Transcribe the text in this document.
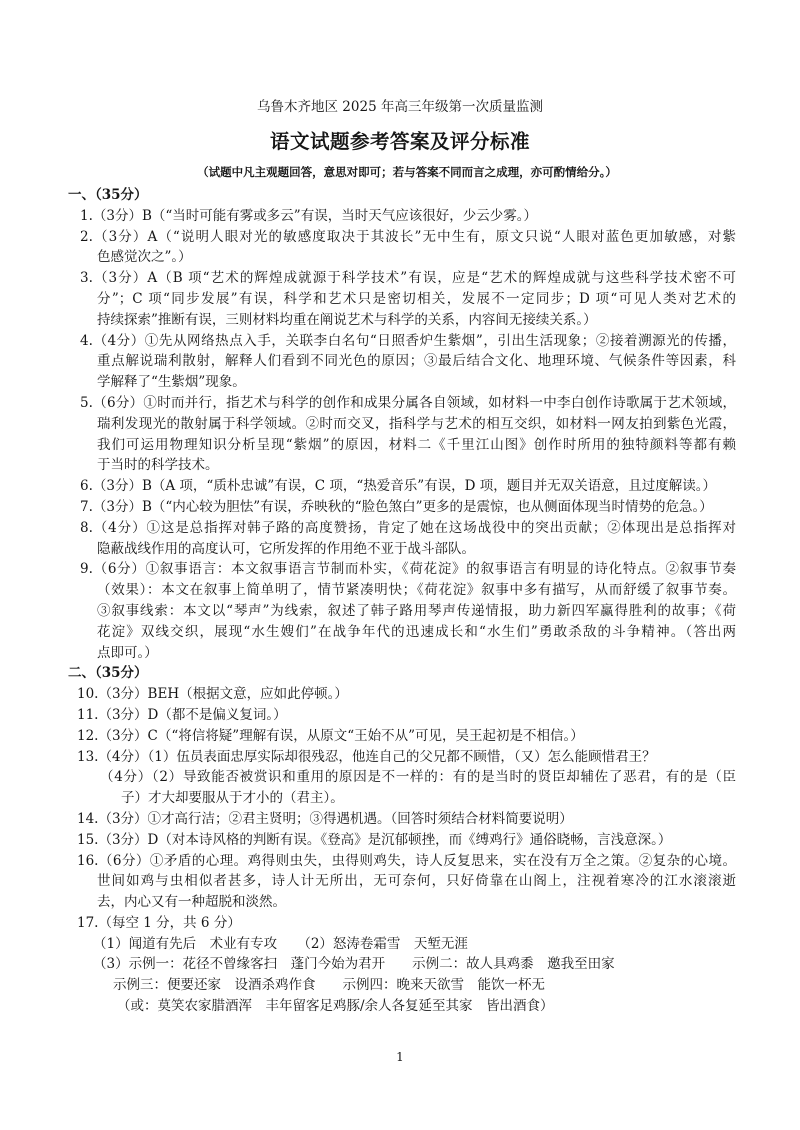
乌鲁木齐地区 2025 年高三年级第一次质量监测
语文试题参考答案及评分标准
（试题中凡主观题回答，意思对即可；若与答案不同而言之成理，亦可酌情给分。）
一、（35分）
1.（3分）B（“当时可能有雾或多云”有误，当时天气应该很好，少云少雾。）
2.（3分）A（“说明人眼对光的敏感度取决于其波长”无中生有，原文只说“人眼对蓝色更加敏感，对紫
色感觉次之”。）
3.（3分）A（B 项“艺术的辉煌成就源于科学技术”有误，应是“艺术的辉煌成就与这些科学技术密不可
分”；C 项“同步发展”有误，科学和艺术只是密切相关，发展不一定同步；D 项“可见人类对艺术的
持续探索”推断有误，三则材料均重在阐说艺术与科学的关系，内容间无接续关系。）
4.（4分）①先从网络热点入手，关联李白名句“日照香炉生紫烟”，引出生活现象；②接着溯源光的传播，
重点解说瑞利散射，解释人们看到不同光色的原因；③最后结合文化、地理环境、气候条件等因素，科
学解释了“生紫烟”现象。
5.（6分）①时而并行，指艺术与科学的创作和成果分属各自领域，如材料一中李白创作诗歌属于艺术领域，
瑞利发现光的散射属于科学领域。②时而交叉，指科学与艺术的相互交织，如材料一网友拍到紫色光霞，
我们可运用物理知识分析呈现“紫烟”的原因，材料二《千里江山图》创作时所用的独特颜料等都有赖
于当时的科学技术。
6.（3分）B（A 项，“质朴忠诚”有误，C 项，“热爱音乐”有误，D 项，题目并无双关语意，且过度解读。）
7.（3分）B（“内心较为胆怯”有误，乔映秋的“脸色煞白”更多的是震惊，也从侧面体现当时情势的危急。）
8.（4分）①这是总指挥对韩子路的高度赞扬，肯定了她在这场战役中的突出贡献；②体现出是总指挥对
隐蔽战线作用的高度认可，它所发挥的作用绝不亚于战斗部队。
9.（6分）①叙事语言：本文叙事语言节制而朴实，《荷花淀》的叙事语言有明显的诗化特点。②叙事节奏
（效果）：本文在叙事上简单明了，情节紧凑明快；《荷花淀》叙事中多有描写，从而舒缓了叙事节奏。
③叙事线索：本文以“琴声”为线索，叙述了韩子路用琴声传递情报，助力新四军赢得胜利的故事；《荷
花淀》双线交织，展现“水生嫂们”在战争年代的迅速成长和“水生们”勇敢杀敌的斗争精神。（答出两
点即可。）
二、（35分）
10.（3分）BEH（根据文意，应如此停顿。）
11.（3分）D（都不是偏义复词。）
12.（3分）C（“将信将疑”理解有误，从原文“王始不从”可见，吴王起初是不相信。）
13.（4分）（1）伍员表面忠厚实际却很残忍，他连自己的父兄都不顾惜，（又）怎么能顾惜君王？
（4分）（2）导致能否被赏识和重用的原因是不一样的：有的是当时的贤臣却辅佐了恶君，有的是（臣
子）才大却要服从于才小的（君主）。
14.（3分）①才高行洁；②君主贤明；③得遇机遇。（回答时须结合材料简要说明）
15.（3分）D（对本诗风格的判断有误。《登高》是沉郁顿挫，而《缚鸡行》通俗晓畅，言浅意深。）
16.（6分）①矛盾的心理。鸡得则虫失，虫得则鸡失，诗人反复思来，实在没有万全之策。②复杂的心境。
世间如鸡与虫相似者甚多，诗人计无所出，无可奈何，只好倚靠在山阁上，注视着寒冷的江水滚滚逝
去，内心又有一种超脱和淡然。
17.（每空 1 分，共 6 分）
（1）闻道有先后　术业有专攻　　（2）怒涛卷霜雪　天堑无涯
（3）示例一：花径不曾缘客扫　蓬门今始为君开　　示例二：故人具鸡黍　邀我至田家
示例三：便要还家　设酒杀鸡作食　　示例四：晚来天欲雪　能饮一杯无
（或：莫笑农家腊酒浑　丰年留客足鸡豚/余人各复延至其家　皆出酒食）
1
